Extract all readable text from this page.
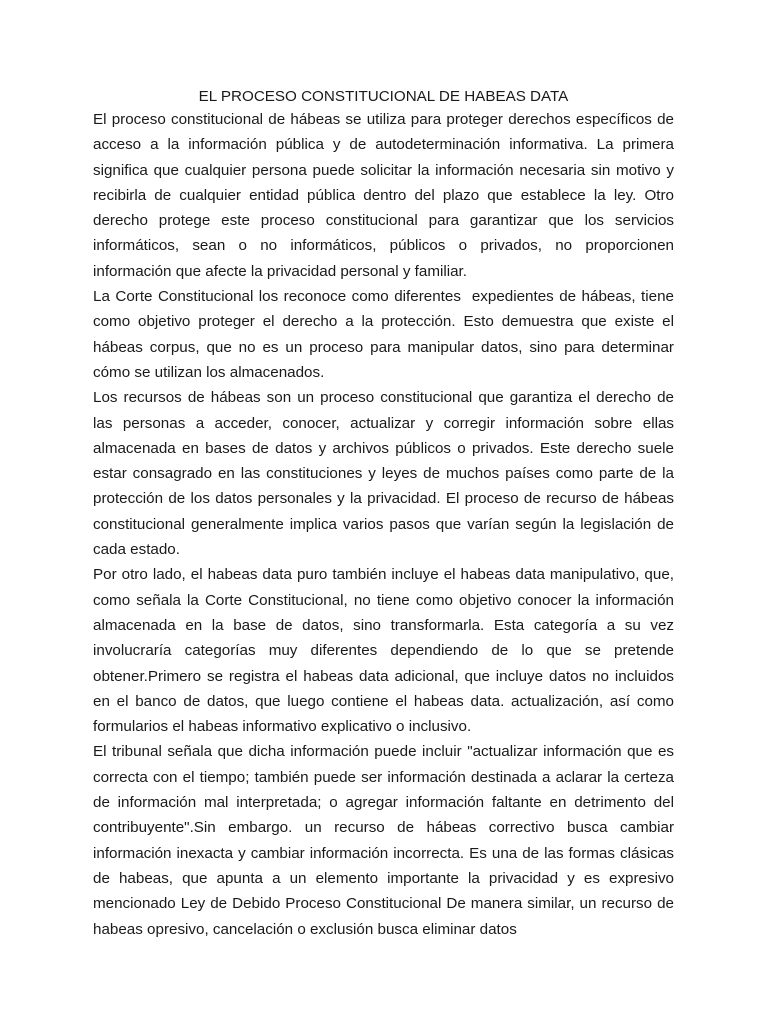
EL PROCESO CONSTITUCIONAL DE HABEAS DATA

El proceso constitucional de hábeas se utiliza para proteger derechos específicos de acceso a la información pública y de autodeterminación informativa. La primera significa que cualquier persona puede solicitar la información necesaria sin motivo y recibirla de cualquier entidad pública dentro del plazo que establece la ley. Otro derecho protege este proceso constitucional para garantizar que los servicios informáticos, sean o no informáticos, públicos o privados, no proporcionen información que afecte la privacidad personal y familiar.

La Corte Constitucional los reconoce como diferentes  expedientes de hábeas, tiene como objetivo proteger el derecho a la protección. Esto demuestra que existe el hábeas corpus, que no es un proceso para manipular datos, sino para determinar cómo se utilizan los almacenados.

Los recursos de hábeas son un proceso constitucional que garantiza el derecho de las personas a acceder, conocer, actualizar y corregir información sobre ellas almacenada en bases de datos y archivos públicos o privados. Este derecho suele estar consagrado en las constituciones y leyes de muchos países como parte de la protección de los datos personales y la privacidad. El proceso de recurso de hábeas constitucional generalmente implica varios pasos que varían según la legislación de cada estado.

Por otro lado, el habeas data puro también incluye el habeas data manipulativo, que, como señala la Corte Constitucional, no tiene como objetivo conocer la información almacenada en la base de datos, sino transformarla. Esta categoría a su vez involucraría categorías muy diferentes dependiendo de lo que se pretende obtener.Primero se registra el habeas data adicional, que incluye datos no incluidos en el banco de datos, que luego contiene el habeas data. actualización, así como formularios el habeas informativo explicativo o inclusivo.

El tribunal señala que dicha información puede incluir "actualizar información que es correcta con el tiempo; también puede ser información destinada a aclarar la certeza de información mal interpretada; o agregar información faltante en detrimento del contribuyente".Sin embargo. un recurso de hábeas correctivo busca cambiar información inexacta y cambiar información incorrecta. Es una de las formas clásicas de habeas, que apunta a un elemento importante la privacidad y es expresivo mencionado Ley de Debido Proceso Constitucional De manera similar, un recurso de habeas opresivo, cancelación o exclusión busca eliminar datos
